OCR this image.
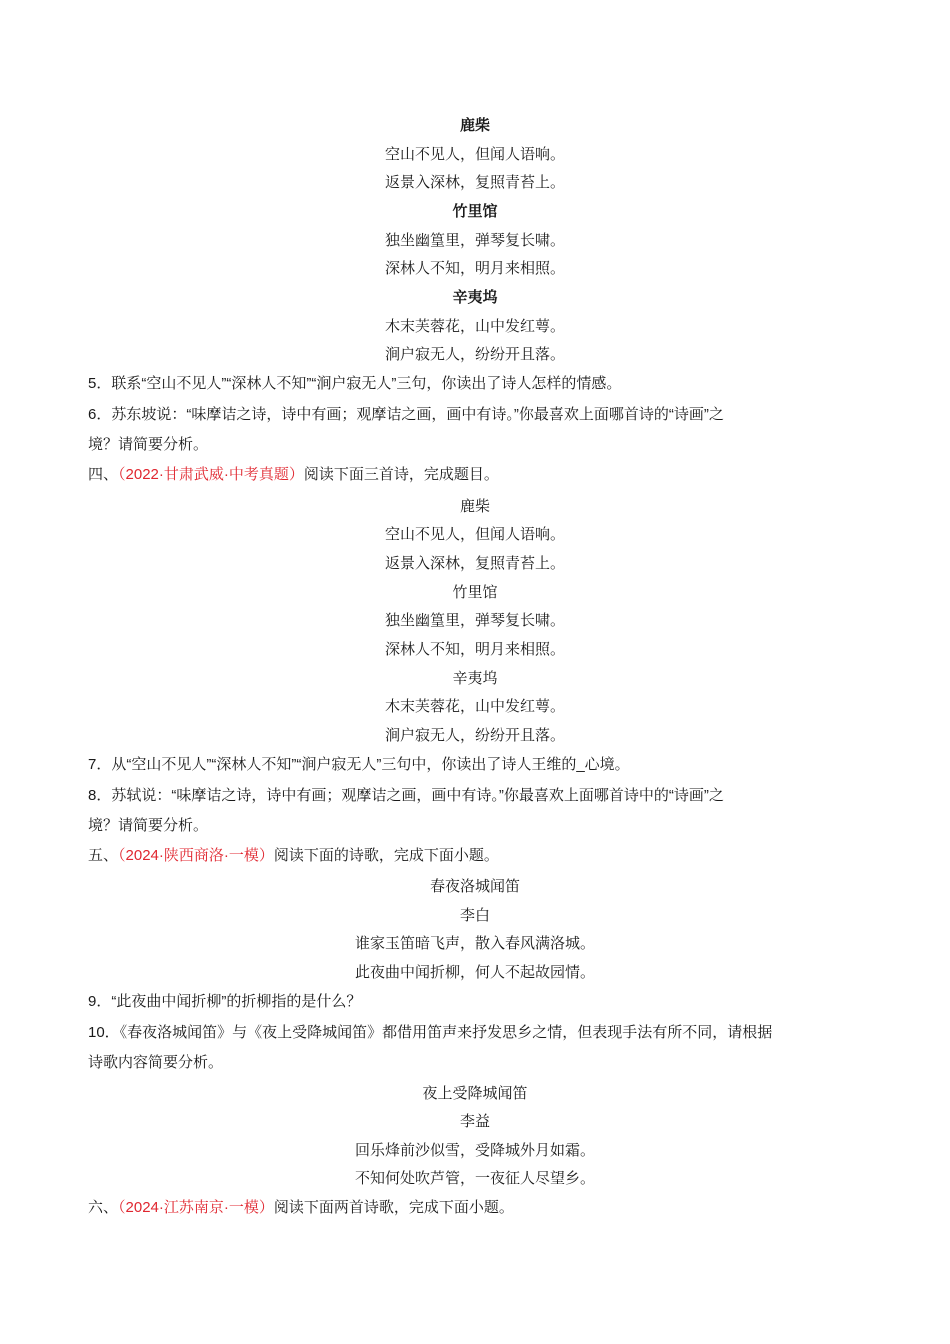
鹿柴
空山不见人，但闻人语响。
返景入深林，复照青苔上。
竹里馆
独坐幽篁里，弹琴复长啸。
深林人不知，明月来相照。
辛夷坞
木末芙蓉花，山中发红萼。
涧户寂无人，纷纷开且落。
5．联系“空山不见人”“深林人不知”“涧户寂无人”三句，你读出了诗人怎样的情感。
6．苏东坡说：“味摩诘之诗，诗中有画；观摩诘之画，画中有诗。”你最喜欢上面哪首诗的“诗画”之
境？请简要分析。
四、（2022·甘肃武威·中考真题）阅读下面三首诗，完成题目。
鹿柴
空山不见人，但闻人语响。
返景入深林，复照青苔上。
竹里馆
独坐幽篁里，弹琴复长啸。
深林人不知，明月来相照。
辛夷坞
木末芙蓉花，山中发红萼。
涧户寂无人，纷纷开且落。
7．从“空山不见人”“深林人不知”“涧户寂无人”三句中，你读出了诗人王维的_心境。
8．苏轼说：“味摩诘之诗，诗中有画；观摩诘之画，画中有诗。”你最喜欢上面哪首诗中的“诗画”之
境？请简要分析。
五、（2024·陕西商洛·一模）阅读下面的诗歌，完成下面小题。
春夜洛城闻笛
李白
谁家玉笛暗飞声，散入春风满洛城。
此夜曲中闻折柳，何人不起故园情。
9．“此夜曲中闻折柳”的折柳指的是什么？
10．《春夜洛城闻笛》与《夜上受降城闻笛》都借用笛声来抒发思乡之情，但表现手法有所不同，请根据
诗歌内容简要分析。
夜上受降城闻笛
李益
回乐烽前沙似雪，受降城外月如霜。
不知何处吹芦管，一夜征人尽望乡。
六、（2024·江苏南京·一模）阅读下面两首诗歌，完成下面小题。
